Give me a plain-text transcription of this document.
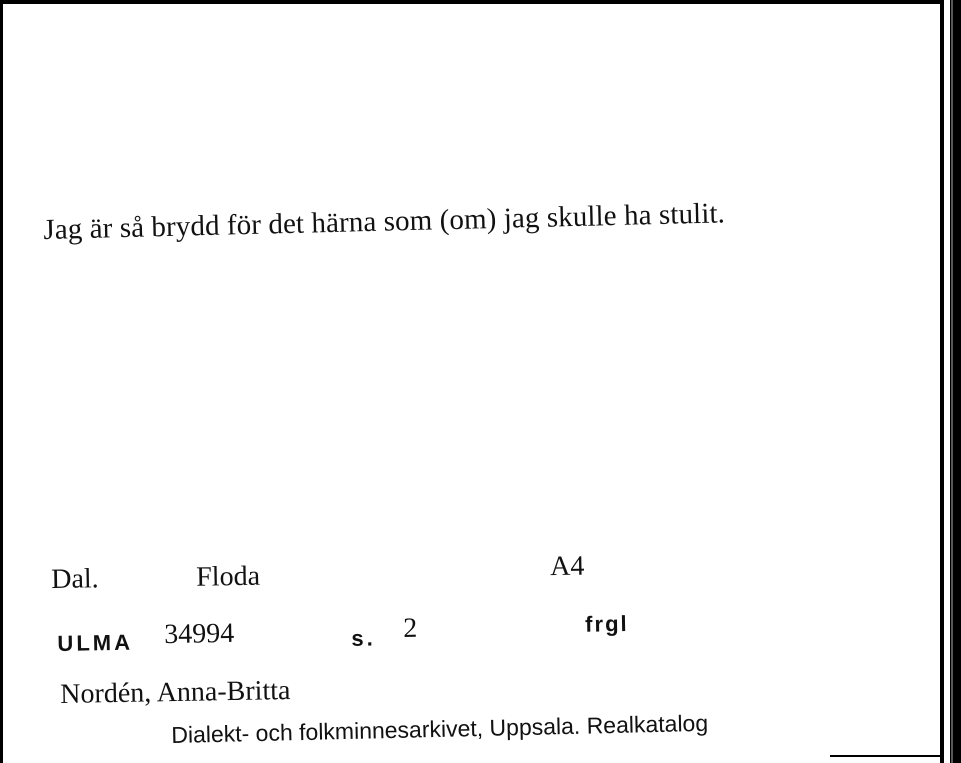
Jag är så brydd för det härna som (om) jag skulle ha stulit.
Dal.	Floda	A4
ULMA 34994	s. 2	frgl
Nordén, Anna-Britta
Dialekt- och folkminnesarkivet, Uppsala. Realkatalog
